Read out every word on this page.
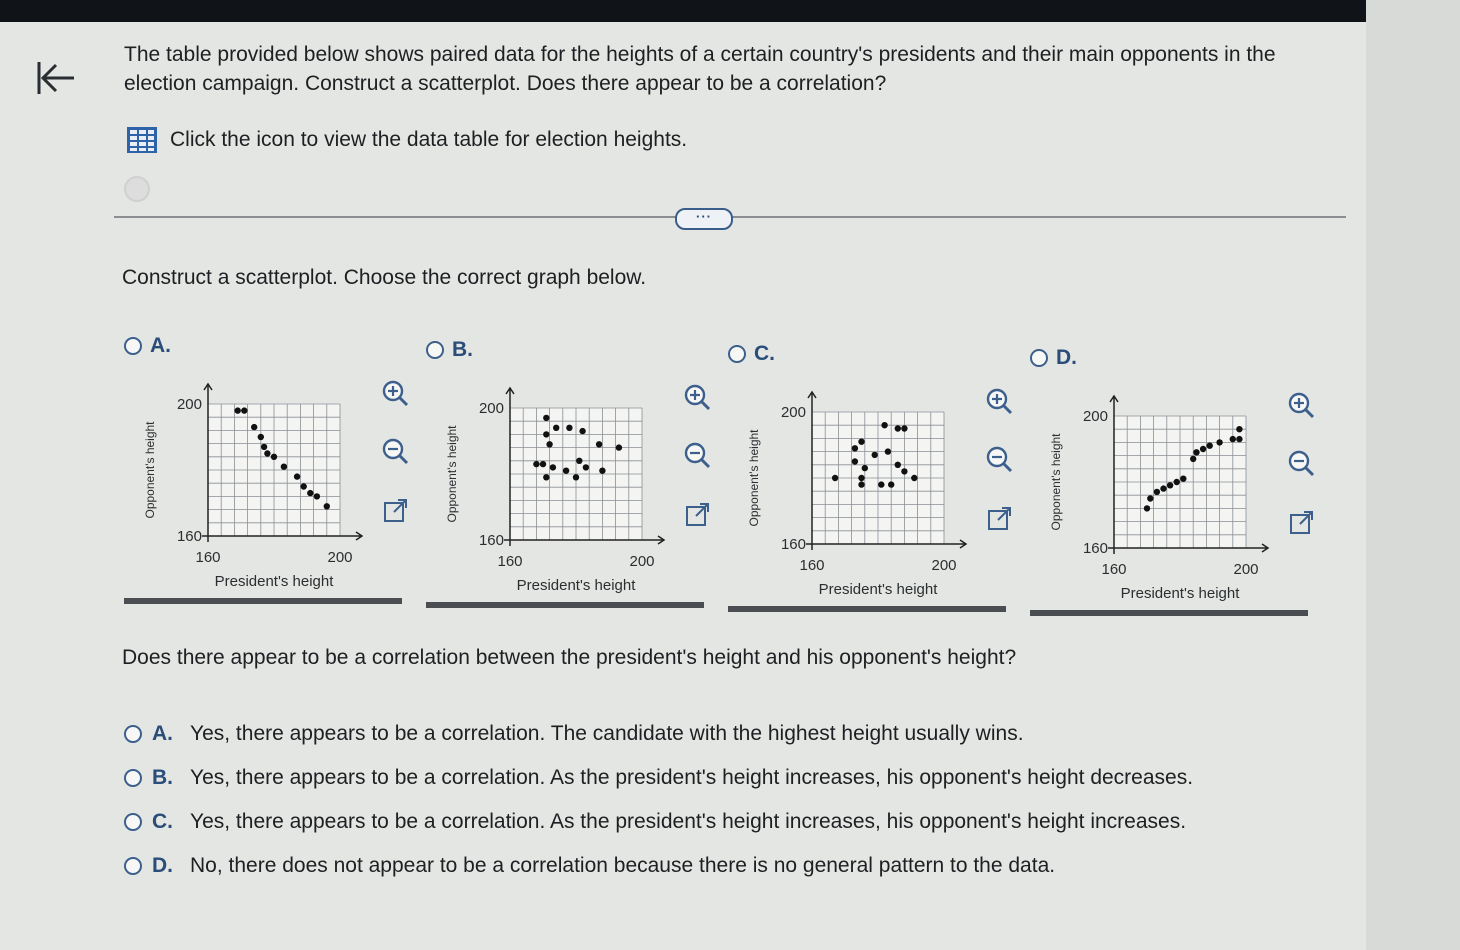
The table provided below shows paired data for the heights of a certain country's presidents and their main opponents in the election campaign. Construct a scatterplot. Does there appear to be a correlation?
Click the icon to view the data table for election heights.
···
Construct a scatterplot. Choose the correct graph below.
A.
200
160
160	200
President's height
Opponent's height
B.
200
160
160	200
President's height
Opponent's height
C.
200
160
160	200
President's height
Opponent's height
D.
200
160
160	200
President's height
Opponent's height
Does there appear to be a correlation between the president's height and his opponent's height?
A. Yes, there appears to be a correlation. The candidate with the highest height usually wins.
B. Yes, there appears to be a correlation. As the president's height increases, his opponent's height decreases.
C. Yes, there appears to be a correlation. As the president's height increases, his opponent's height increases.
D. No, there does not appear to be a correlation because there is no general pattern to the data.
